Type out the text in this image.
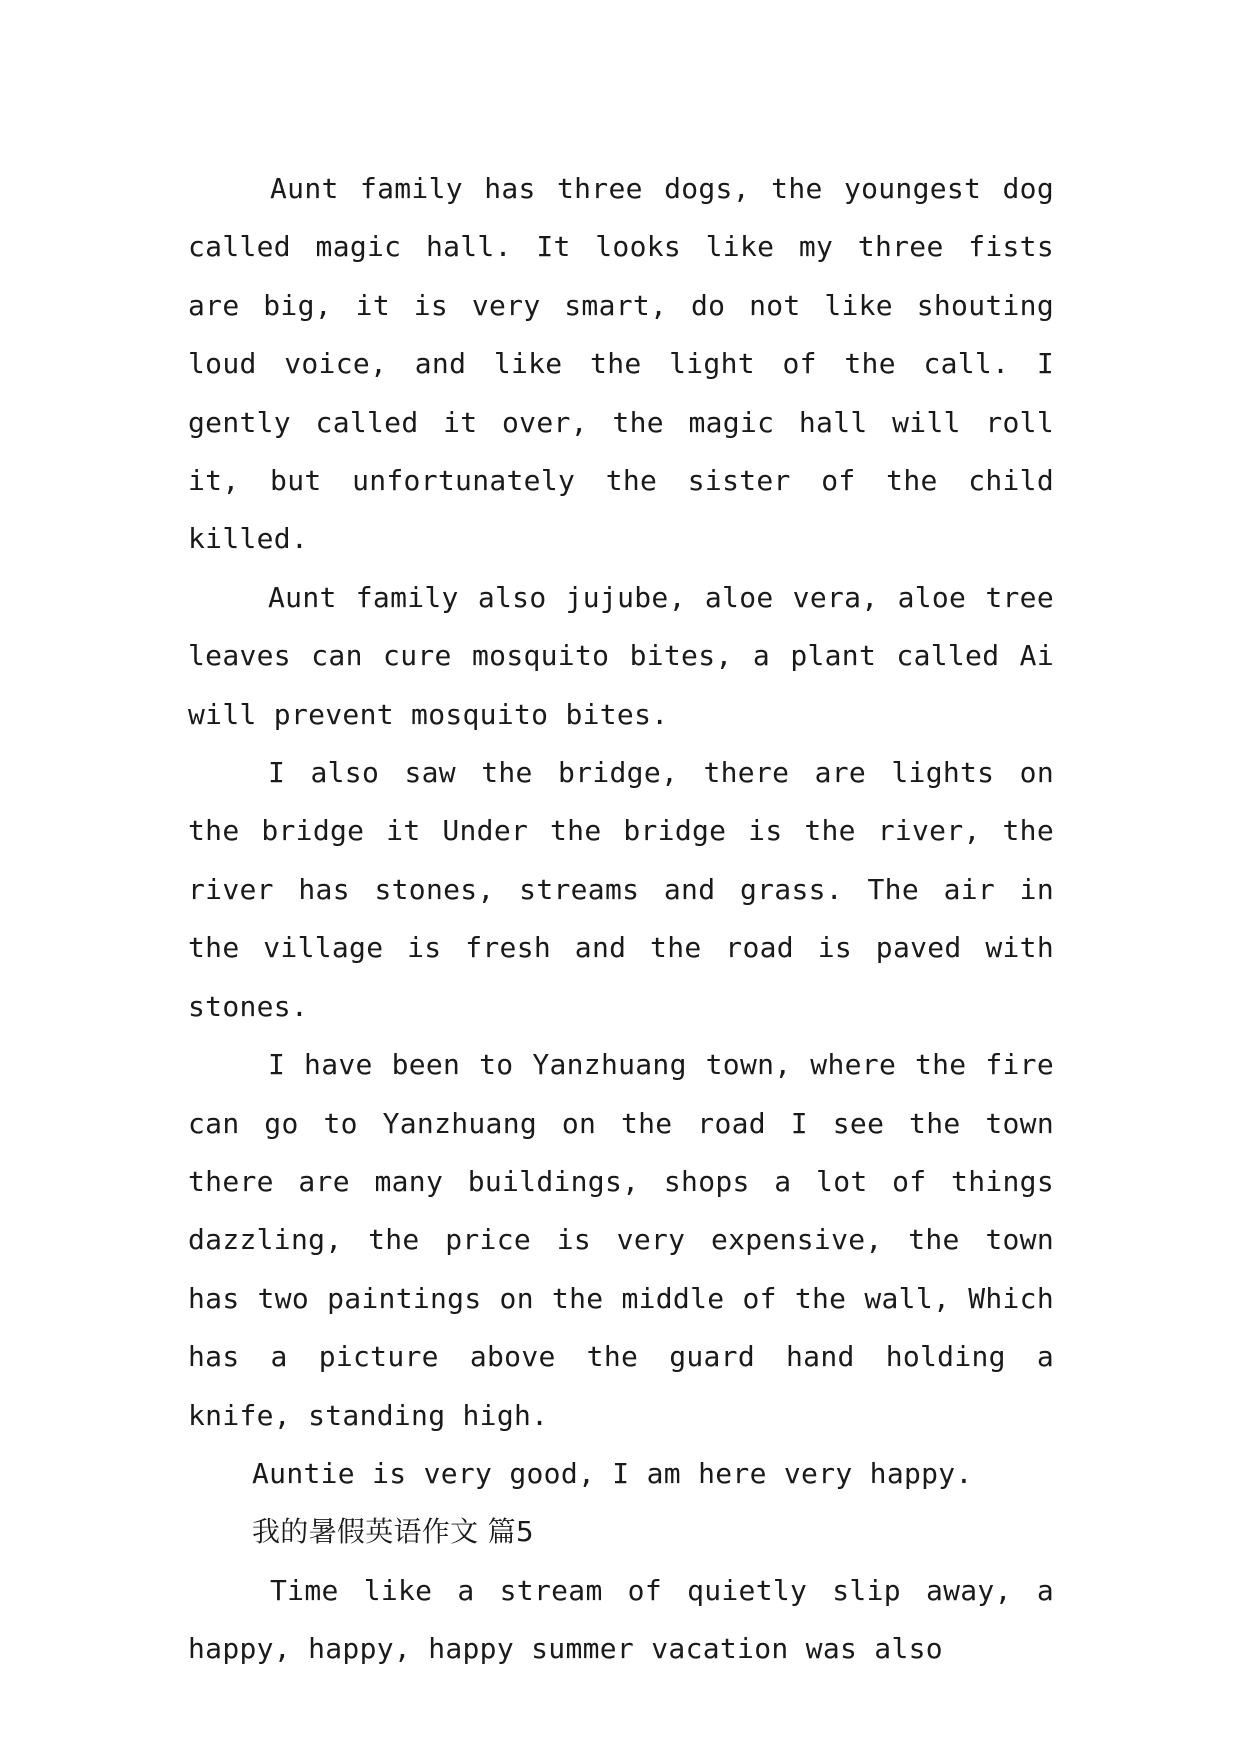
Aunt family has three dogs, the youngest dog called magic hall. It looks like my three fists are big, it is very smart, do not like shouting loud voice, and like the light of the call. I gently called it over, the magic hall will roll it, but unfortunately the sister of the child killed.

Aunt family also jujube, aloe vera, aloe tree leaves can cure mosquito bites, a plant called Ai will prevent mosquito bites.

I also saw the bridge, there are lights on the bridge it Under the bridge is the river, the river has stones, streams and grass. The air in the village is fresh and the road is paved with stones.

I have been to Yanzhuang town, where the fire can go to Yanzhuang on the road I see the town there are many buildings, shops a lot of things dazzling, the price is very expensive, the town has two paintings on the middle of the wall, Which has a picture above the guard hand holding a knife, standing high.

Auntie is very good, I am here very happy.

我的暑假英语作文 篇5

Time like a stream of quietly slip away, a happy, happy, happy summer vacation was also
